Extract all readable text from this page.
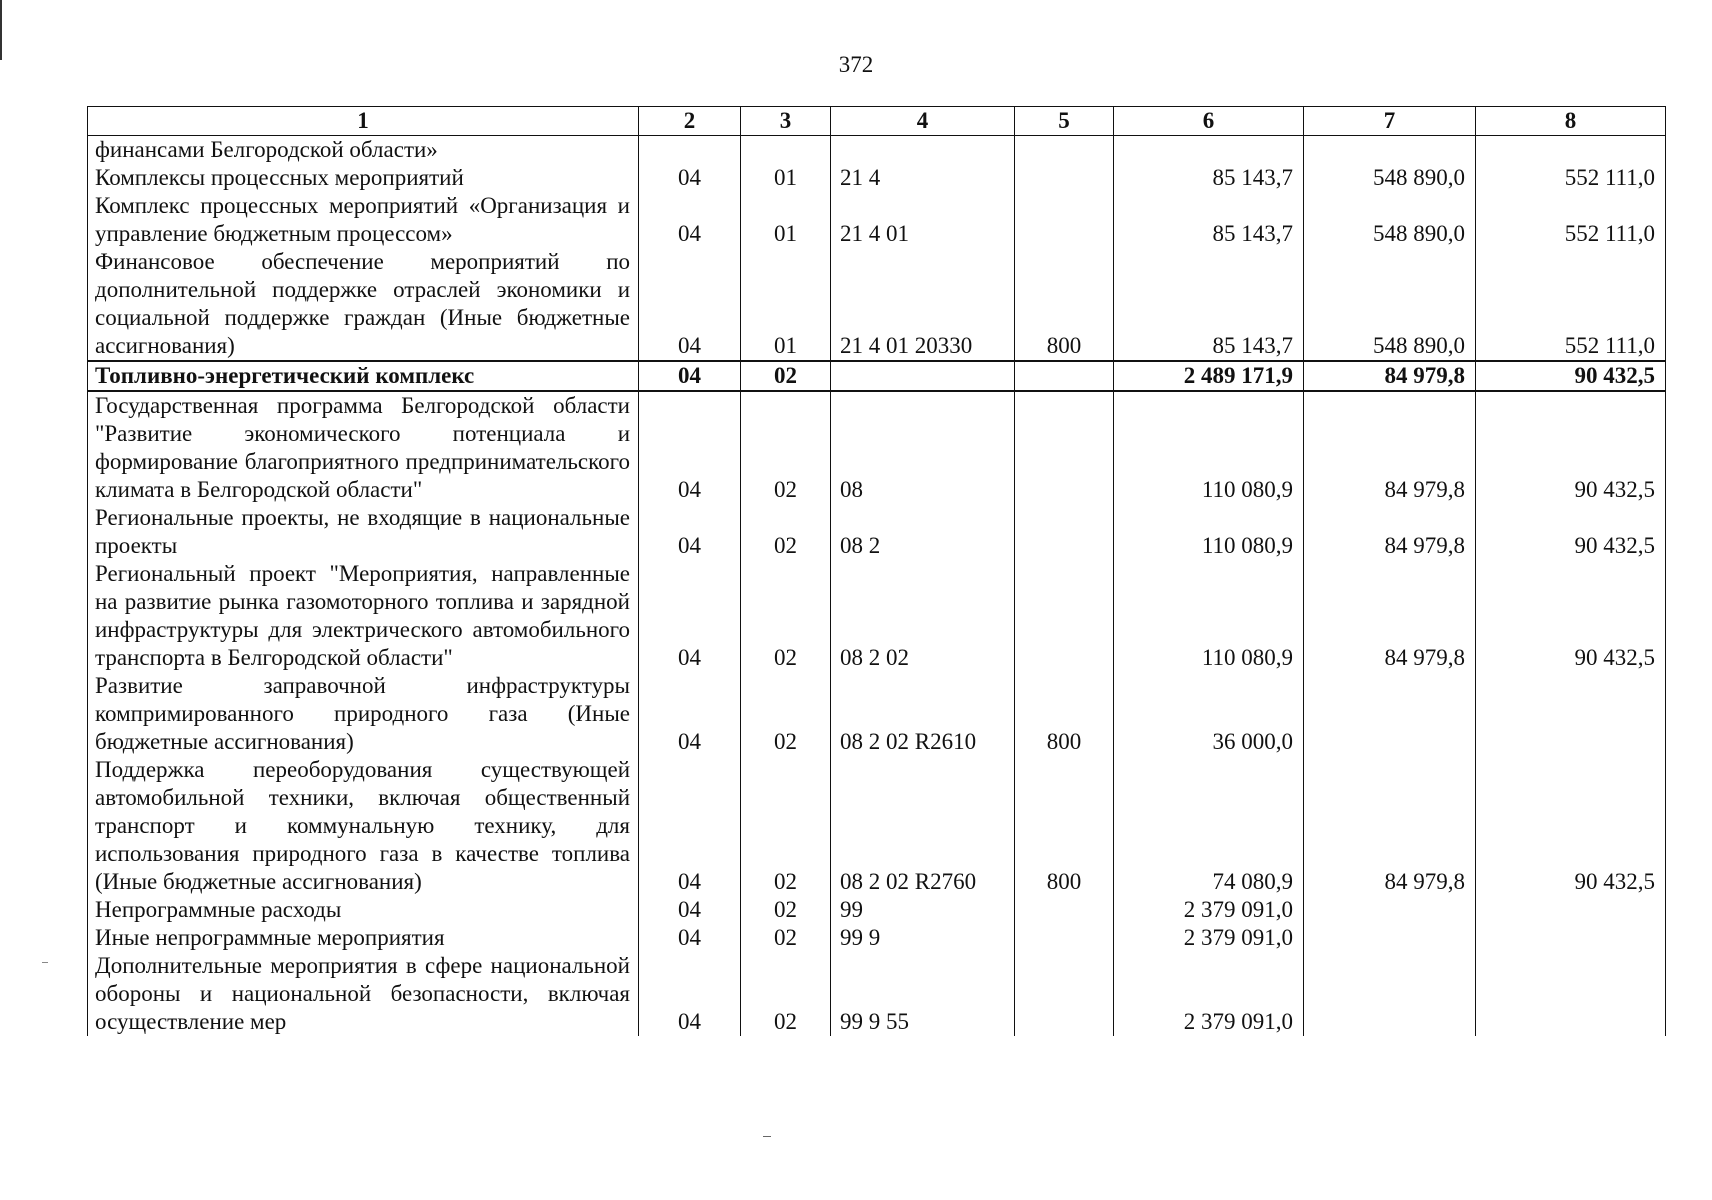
372
1	2	3	4	5	6	7	8
финансами Белгородской области»							
Комплексы процессных мероприятий	04	01	21 4		85 143,7	548 890,0	552 111,0
Комплекс процессных мероприятий «Организация и управление бюджетным процессом»	04	01	21 4 01		85 143,7	548 890,0	552 111,0
Финансовое обеспечение мероприятий по дополнительной поддержке отраслей экономики и социальной поддержке граждан (Иные бюджетные ассигнования)	04	01	21 4 01 20330	800	85 143,7	548 890,0	552 111,0
Топливно-энергетический комплекс	04	02			2 489 171,9	84 979,8	90 432,5
Государственная программа Белгородской области "Развитие экономического потенциала и формирование благоприятного предпринимательского климата в Белгородской области"	04	02	08		110 080,9	84 979,8	90 432,5
Региональные проекты, не входящие в национальные проекты	04	02	08 2		110 080,9	84 979,8	90 432,5
Региональный проект "Мероприятия, направленные на развитие рынка газомоторного топлива и зарядной инфраструктуры для электрического автомобильного транспорта в Белгородской области"	04	02	08 2 02		110 080,9	84 979,8	90 432,5
Развитие заправочной инфраструктуры компримированного природного газа (Иные бюджетные ассигнования)	04	02	08 2 02 R2610	800	36 000,0		
Поддержка переоборудования существующей автомобильной техники, включая общественный транспорт и коммунальную технику, для использования природного газа в качестве топлива (Иные бюджетные ассигнования)	04	02	08 2 02 R2760	800	74 080,9	84 979,8	90 432,5
Непрограммные расходы	04	02	99		2 379 091,0		
Иные непрограммные мероприятия	04	02	99 9		2 379 091,0		
Дополнительные мероприятия в сфере национальной обороны и национальной безопасности, включая осуществление мер	04	02	99 9 55		2 379 091,0		
